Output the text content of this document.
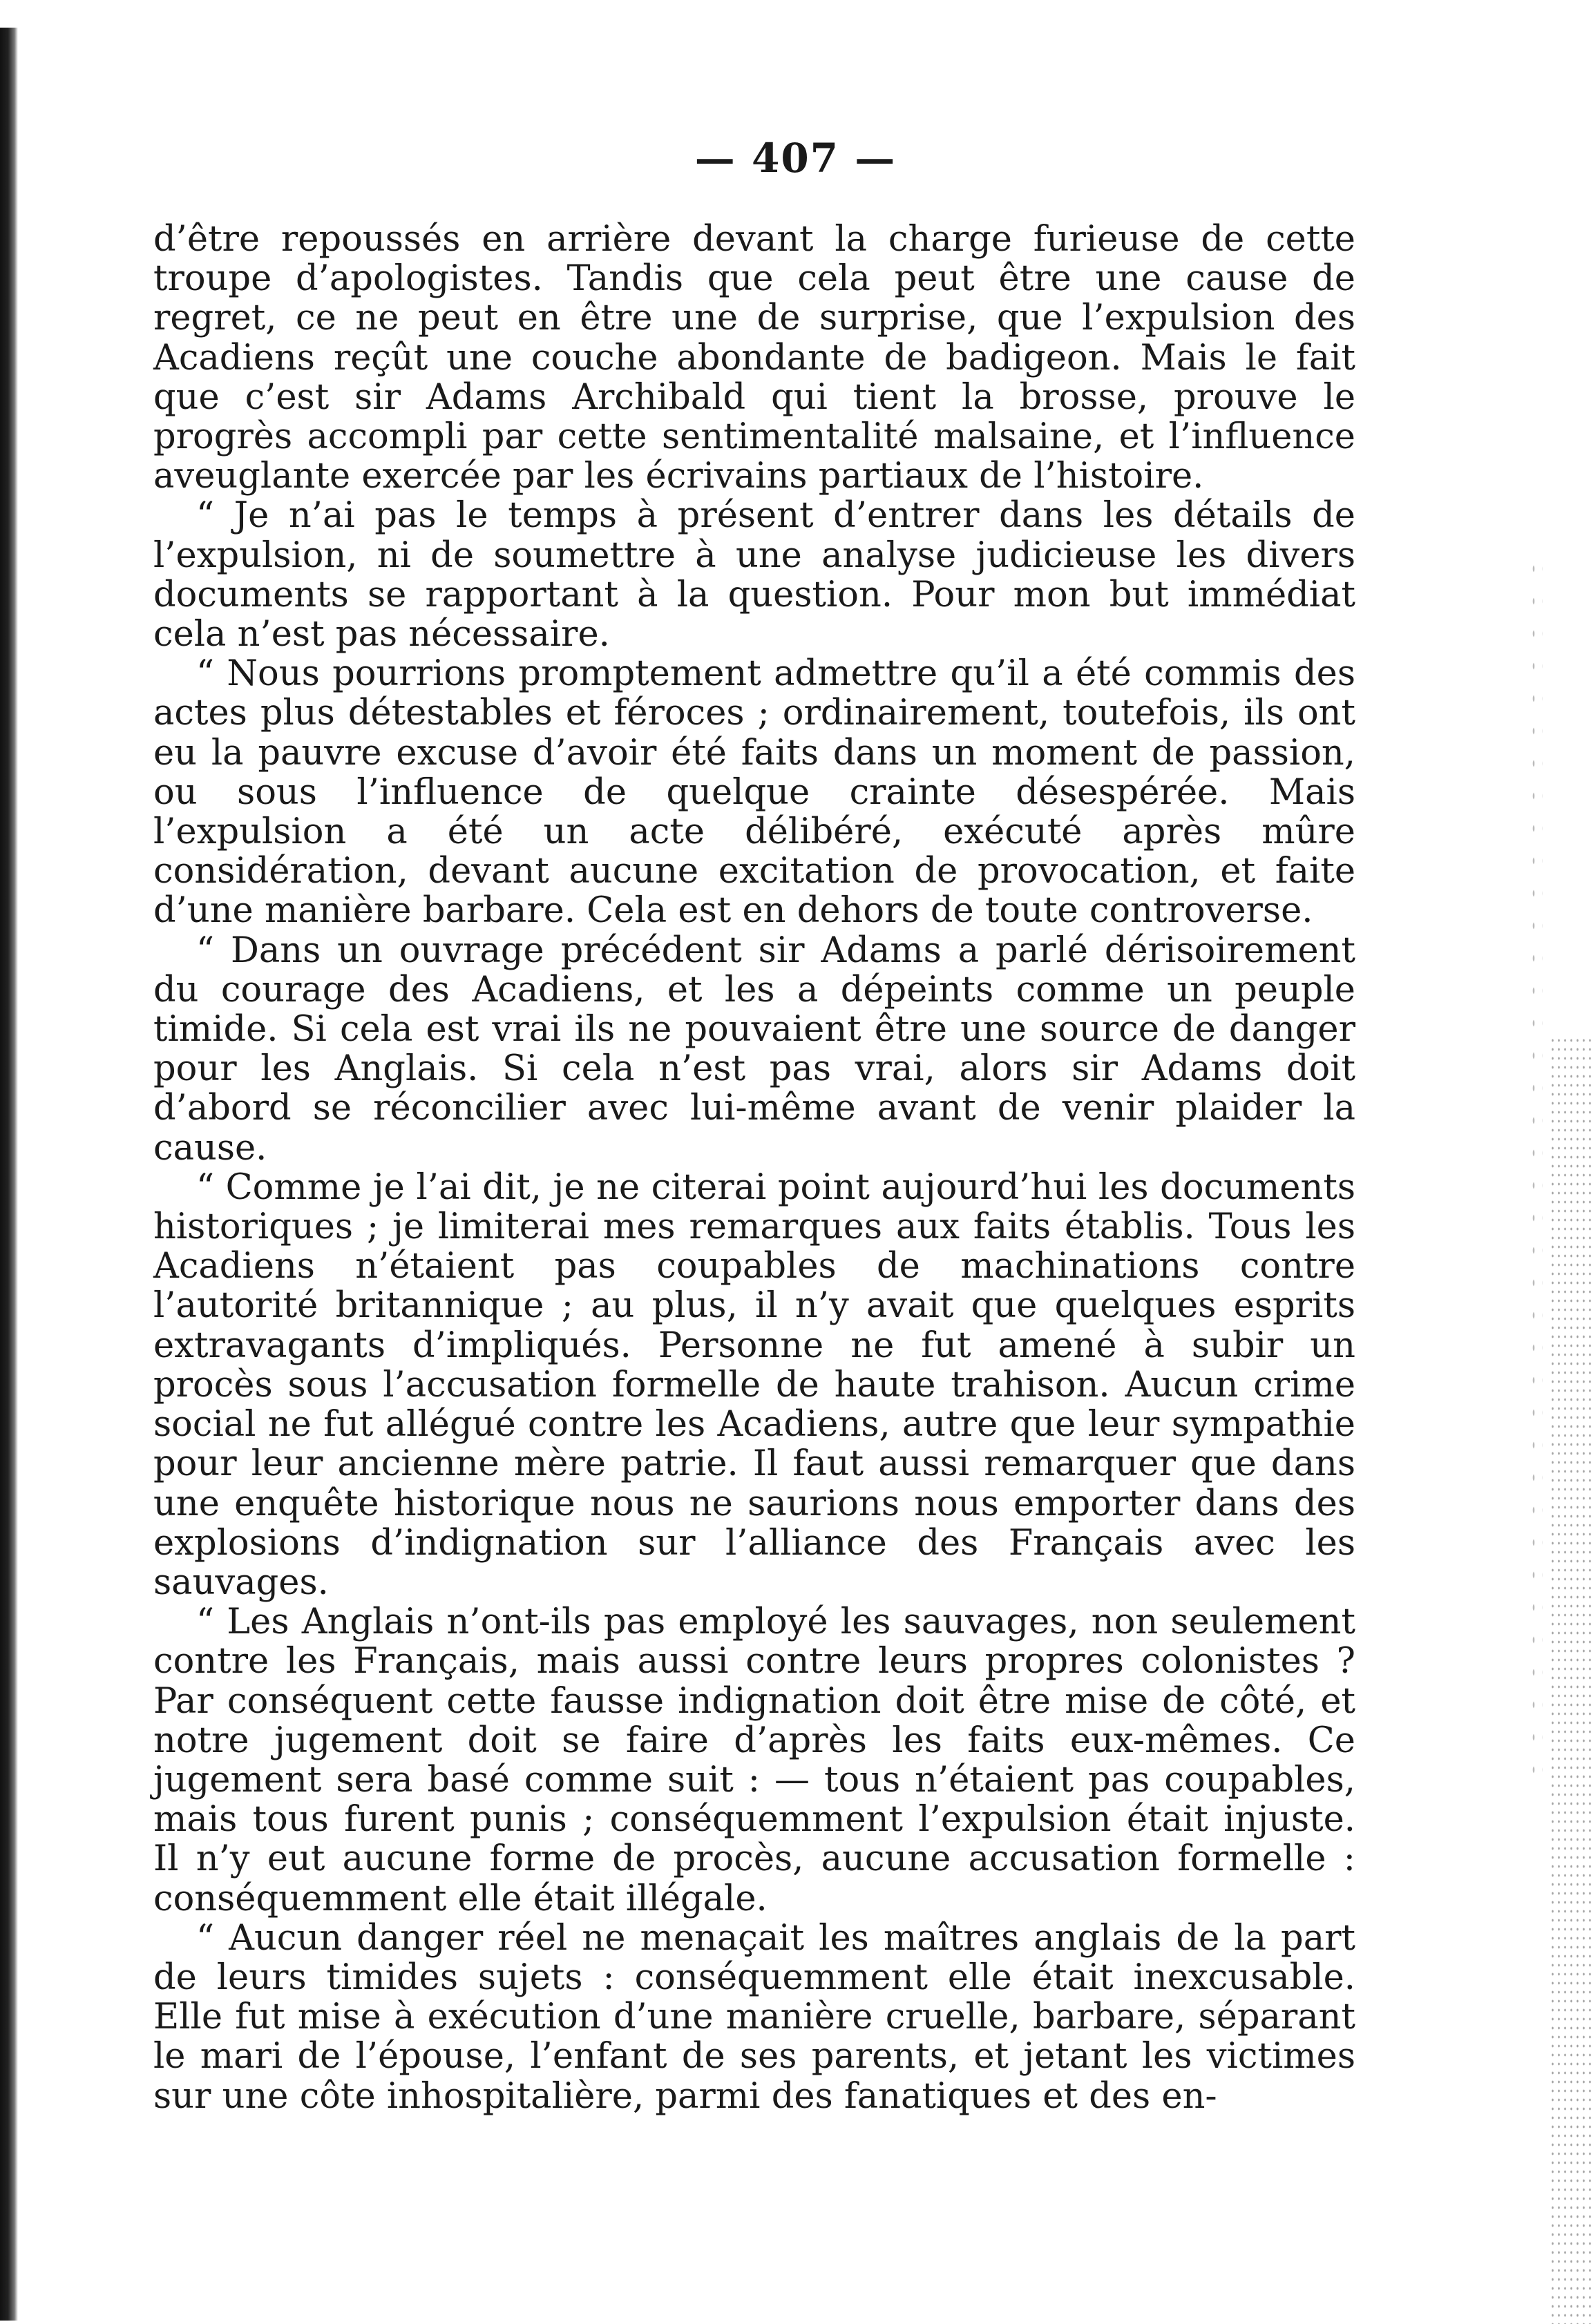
— 407 —

d’être repoussés en arrière devant la charge furieuse de cette troupe d’apologistes. Tandis que cela peut être une cause de regret, ce ne peut en être une de surprise, que l’expulsion des Acadiens reçût une couche abondante de badigeon. Mais le fait que c’est sir Adams Archibald qui tient la brosse, prouve le progrès accompli par cette sentimentalité malsaine, et l’influence aveuglante exercée par les écrivains partiaux de l’histoire.

“ Je n’ai pas le temps à présent d’entrer dans les détails de l’expulsion, ni de soumettre à une analyse judicieuse les divers documents se rapportant à la question. Pour mon but immédiat cela n’est pas nécessaire.

“ Nous pourrions promptement admettre qu’il a été commis des actes plus détestables et féroces ; ordinairement, toutefois, ils ont eu la pauvre excuse d’avoir été faits dans un moment de passion, ou sous l’influence de quelque crainte désespérée. Mais l’expulsion a été un acte délibéré, exécuté après mûre considération, devant aucune excitation de provocation, et faite d’une manière barbare. Cela est en dehors de toute controverse.

“ Dans un ouvrage précédent sir Adams a parlé dérisoirement du courage des Acadiens, et les a dépeints comme un peuple timide. Si cela est vrai ils ne pouvaient être une source de danger pour les Anglais. Si cela n’est pas vrai, alors sir Adams doit d’abord se réconcilier avec lui-même avant de venir plaider la cause.

“ Comme je l’ai dit, je ne citerai point aujourd’hui les documents historiques ; je limiterai mes remarques aux faits établis. Tous les Acadiens n’étaient pas coupables de machinations contre l’autorité britannique ; au plus, il n’y avait que quelques esprits extravagants d’impliqués. Personne ne fut amené à subir un procès sous l’accusation formelle de haute trahison. Aucun crime social ne fut allégué contre les Acadiens, autre que leur sympathie pour leur ancienne mère patrie. Il faut aussi remarquer que dans une enquête historique nous ne saurions nous emporter dans des explosions d’indignation sur l’alliance des Français avec les sauvages.

“ Les Anglais n’ont-ils pas employé les sauvages, non seulement contre les Français, mais aussi contre leurs propres colonistes ? Par conséquent cette fausse indignation doit être mise de côté, et notre jugement doit se faire d’après les faits eux-mêmes. Ce jugement sera basé comme suit : — tous n’étaient pas coupables, mais tous furent punis ; conséquemment l’expulsion était injuste. Il n’y eut aucune forme de procès, aucune accusation formelle : conséquemment elle était illégale.

“ Aucun danger réel ne menaçait les maîtres anglais de la part de leurs timides sujets : conséquemment elle était inexcusable. Elle fut mise à exécution d’une manière cruelle, barbare, séparant le mari de l’épouse, l’enfant de ses parents, et jetant les victimes sur une côte inhospitalière, parmi des fanatiques et des en-
